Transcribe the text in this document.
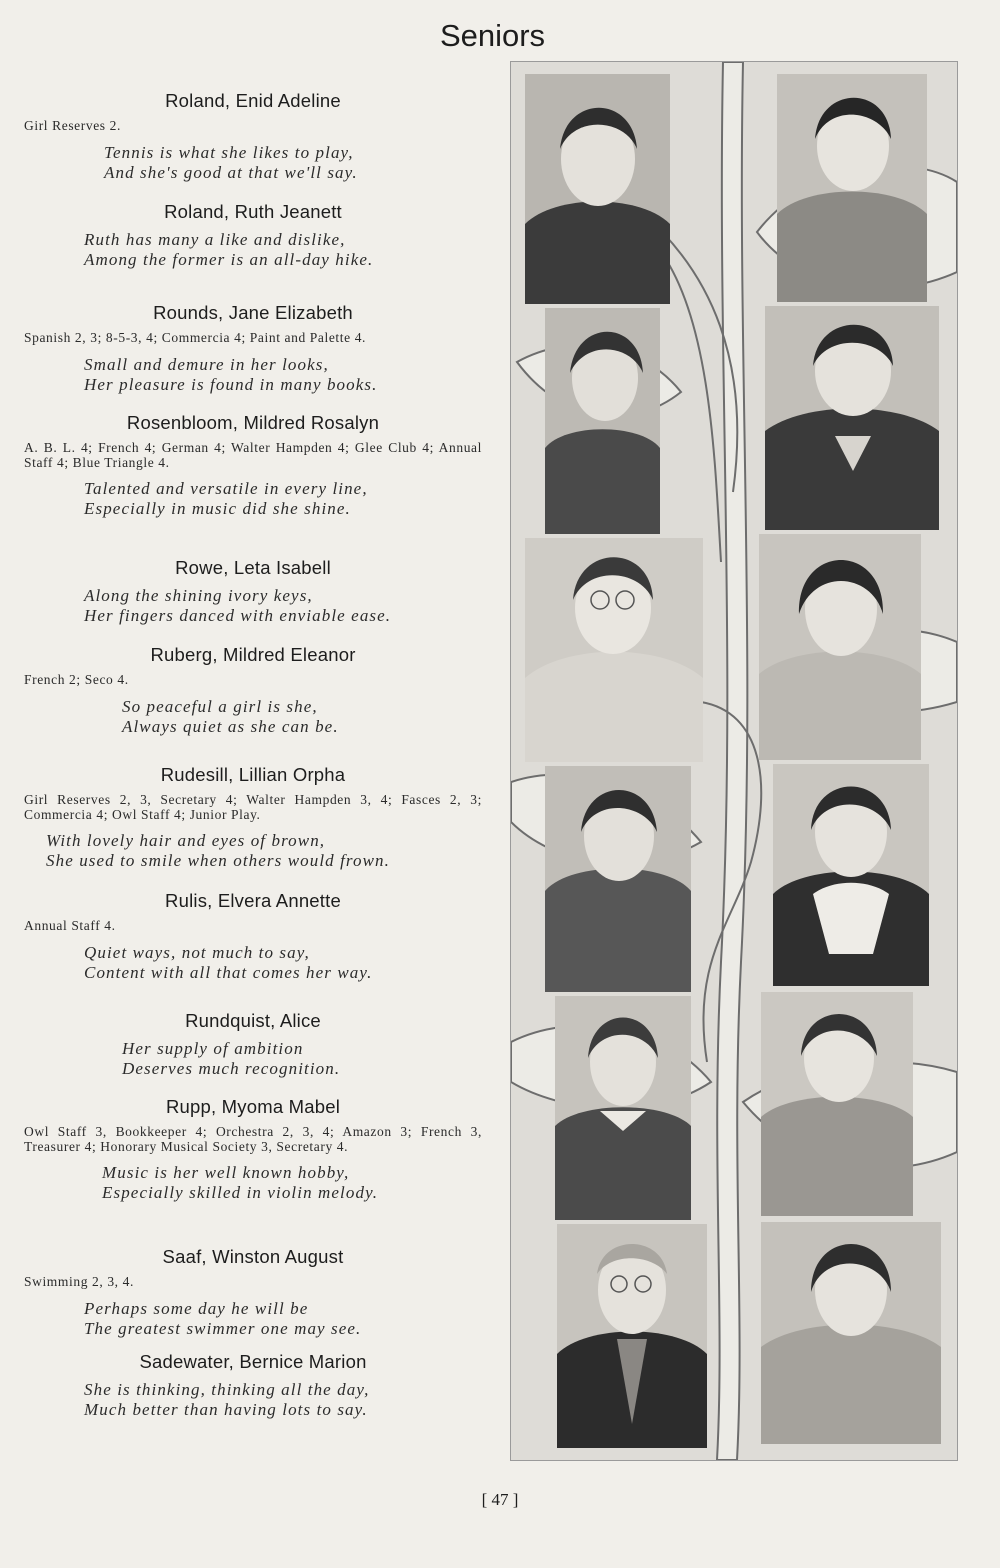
Seniors
Roland, Enid Adeline
Girl Reserves 2.
Tennis is what she likes to play,
And she's good at that we'll say.
Roland, Ruth Jeanett
Ruth has many a like and dislike,
Among the former is an all-day hike.
Rounds, Jane Elizabeth
Spanish 2, 3; 8-5-3, 4; Commercia 4; Paint and Palette 4.
Small and demure in her looks,
Her pleasure is found in many books.
Rosenbloom, Mildred Rosalyn
A. B. L. 4; French 4; German 4; Walter Hampden 4; Glee Club 4; Annual Staff 4; Blue Triangle 4.
Talented and versatile in every line,
Especially in music did she shine.
Rowe, Leta Isabell
Along the shining ivory keys,
Her fingers danced with enviable ease.
Ruberg, Mildred Eleanor
French 2; Seco 4.
So peaceful a girl is she,
Always quiet as she can be.
Rudesill, Lillian Orpha
Girl Reserves 2, 3, Secretary 4; Walter Hampden 3, 4; Fasces 2, 3; Commercia 4; Owl Staff 4; Junior Play.
With lovely hair and eyes of brown,
She used to smile when others would frown.
Rulis, Elvera Annette
Annual Staff 4.
Quiet ways, not much to say,
Content with all that comes her way.
Rundquist, Alice
Her supply of ambition
Deserves much recognition.
Rupp, Myoma Mabel
Owl Staff 3, Bookkeeper 4; Orchestra 2, 3, 4; Amazon 3; French 3, Treasurer 4; Honorary Musical Society 3, Secretary 4.
Music is her well known hobby,
Especially skilled in violin melody.
Saaf, Winston August
Swimming 2, 3, 4.
Perhaps some day he will be
The greatest swimmer one may see.
Sadewater, Bernice Marion
She is thinking, thinking all the day,
Much better than having lots to say.
[ 47 ]
